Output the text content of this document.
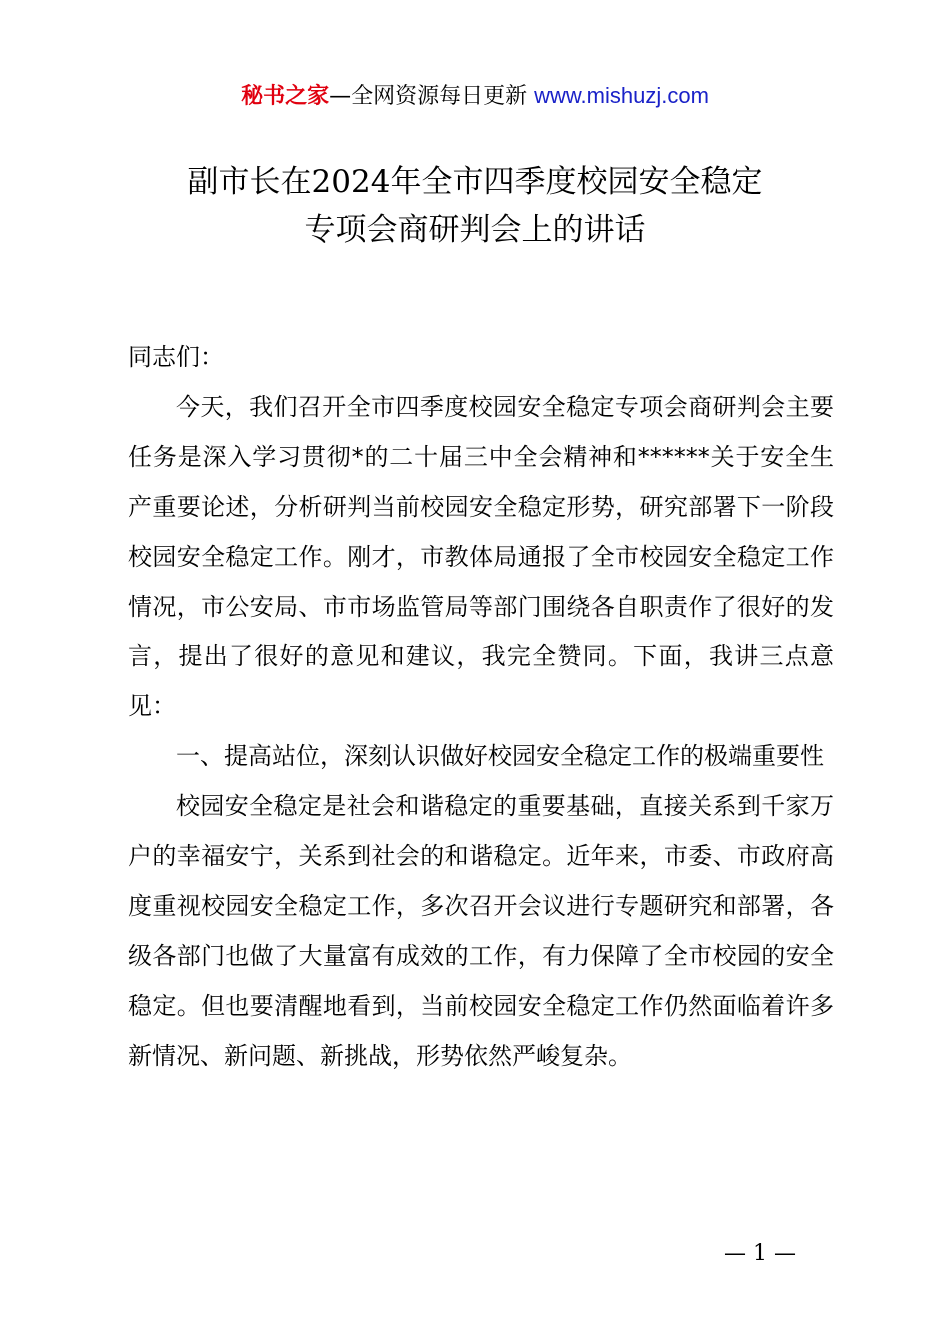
秘书之家—全网资源每日更新 www.mishuzj.com
副市长在2024年全市四季度校园安全稳定
专项会商研判会上的讲话

同志们：

今天，我们召开全市四季度校园安全稳定专项会商研判会主要任务是深入学习贯彻*的二十届三中全会精神和******关于安全生产重要论述，分析研判当前校园安全稳定形势，研究部署下一阶段校园安全稳定工作。刚才，市教体局通报了全市校园安全稳定工作情况，市公安局、市市场监管局等部门围绕各自职责作了很好的发言，提出了很好的意见和建议，我完全赞同。下面，我讲三点意见：

一、提高站位，深刻认识做好校园安全稳定工作的极端重要性

校园安全稳定是社会和谐稳定的重要基础，直接关系到千家万户的幸福安宁，关系到社会的和谐稳定。近年来，市委、市政府高度重视校园安全稳定工作，多次召开会议进行专题研究和部署，各级各部门也做了大量富有成效的工作，有力保障了全市校园的安全稳定。但也要清醒地看到，当前校园安全稳定工作仍然面临着许多新情况、新问题、新挑战，形势依然严峻复杂。

— 1 —
